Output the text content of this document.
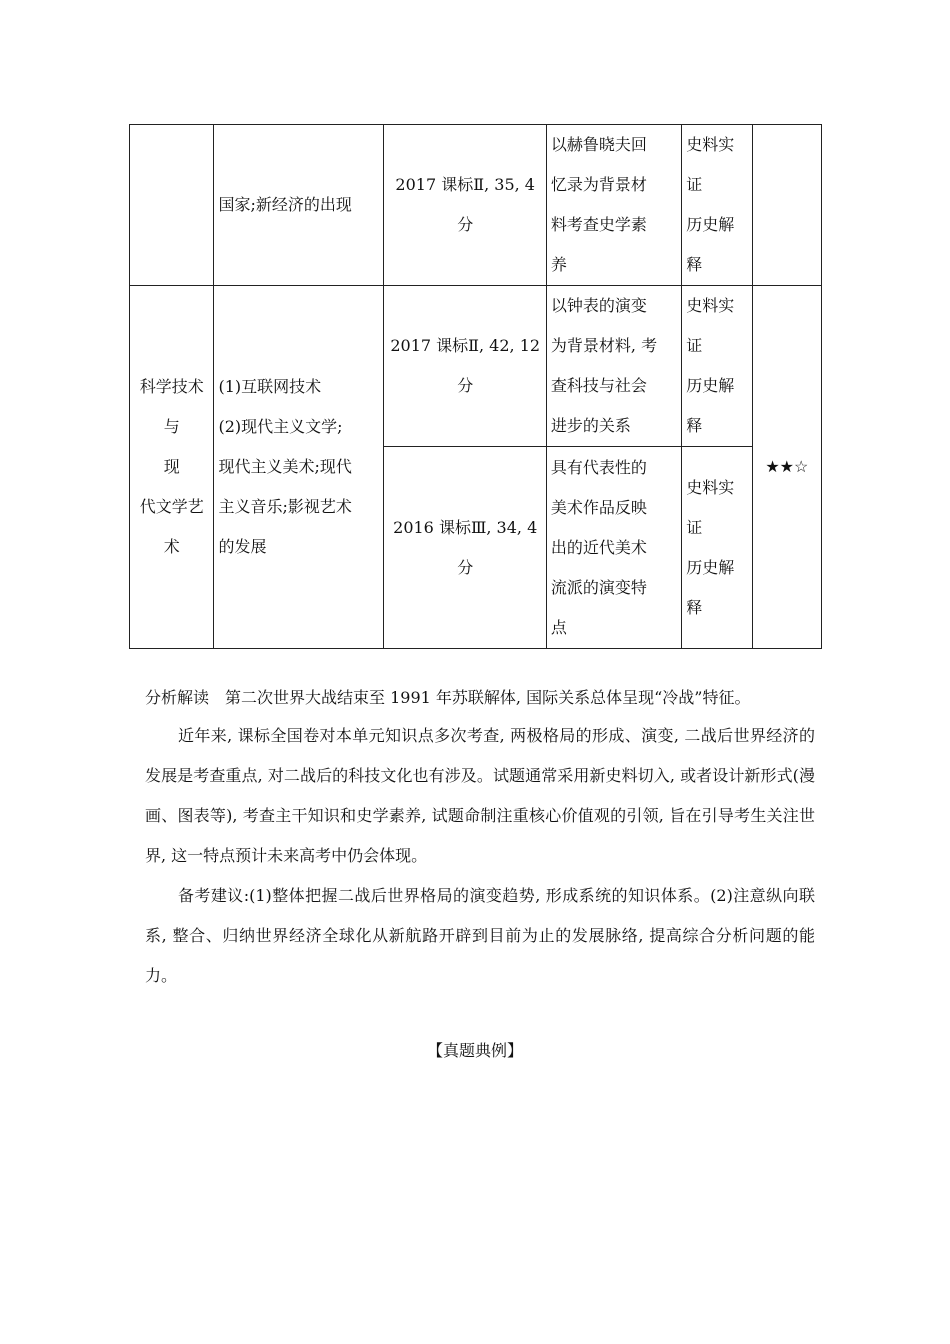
	国家;新经济的出现	2017 课标Ⅱ, 35, 4 分	以赫鲁晓夫回
忆录为背景材
料考查史学素
养	史料实证
历史解释	

科学技术与
现
代文学艺术	(1)互联网技术
(2)现代主义文学;
现代主义美术;现代
主义音乐;影视艺术
的发展	2017 课标Ⅱ, 42, 12 分	以钟表的演变
为背景材料, 考
查科技与社会
进步的关系	史料实证
历史解释	★★☆
		2016 课标Ⅲ, 34, 4 分	具有代表性的
美术作品反映
出的近代美术
流派的演变特
点	史料实证
历史解释	

分析解读 第二次世界大战结束至 1991 年苏联解体, 国际关系总体呈现“冷战”特征。

近年来, 课标全国卷对本单元知识点多次考查, 两极格局的形成、演变, 二战后世界经济的发展是考查重点, 对二战后的科技文化也有涉及。试题通常采用新史料切入, 或者设计新形式(漫画、图表等), 考查主干知识和史学素养, 试题命制注重核心价值观的引领, 旨在引导考生关注世界, 这一特点预计未来高考中仍会体现。

备考建议:(1)整体把握二战后世界格局的演变趋势, 形成系统的知识体系。(2)注意纵向联系, 整合、归纳世界经济全球化从新航路开辟到目前为止的发展脉络, 提高综合分析问题的能力。

【真题典例】
